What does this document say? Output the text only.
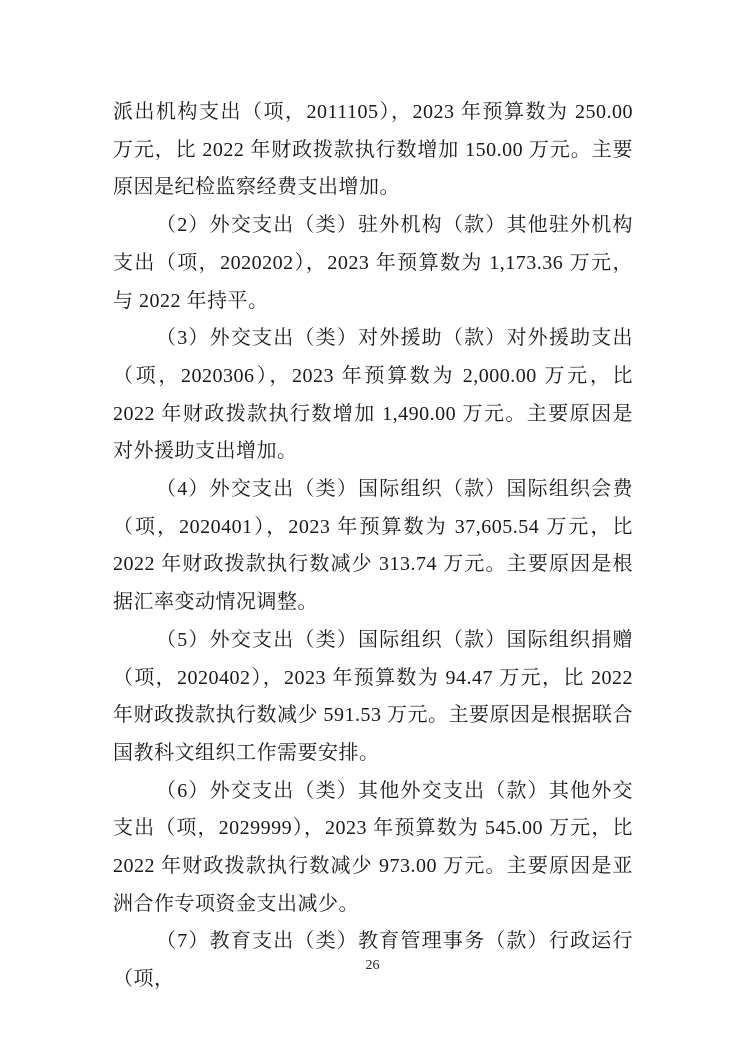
派出机构支出（项，2011105），2023 年预算数为 250.00 万元，比 2022 年财政拨款执行数增加 150.00 万元。主要原因是纪检监察经费支出增加。

（2）外交支出（类）驻外机构（款）其他驻外机构支出（项，2020202），2023 年预算数为 1,173.36 万元，与 2022 年持平。

（3）外交支出（类）对外援助（款）对外援助支出（项，2020306），2023 年预算数为 2,000.00 万元，比 2022 年财政拨款执行数增加 1,490.00 万元。主要原因是对外援助支出增加。

（4）外交支出（类）国际组织（款）国际组织会费（项，2020401），2023 年预算数为 37,605.54 万元，比 2022 年财政拨款执行数减少 313.74 万元。主要原因是根据汇率变动情况调整。

（5）外交支出（类）国际组织（款）国际组织捐赠（项，2020402），2023 年预算数为 94.47 万元，比 2022 年财政拨款执行数减少 591.53 万元。主要原因是根据联合国教科文组织工作需要安排。

（6）外交支出（类）其他外交支出（款）其他外交支出（项，2029999），2023 年预算数为 545.00 万元，比 2022 年财政拨款执行数减少 973.00 万元。主要原因是亚洲合作专项资金支出减少。

（7）教育支出（类）教育管理事务（款）行政运行（项，

26
